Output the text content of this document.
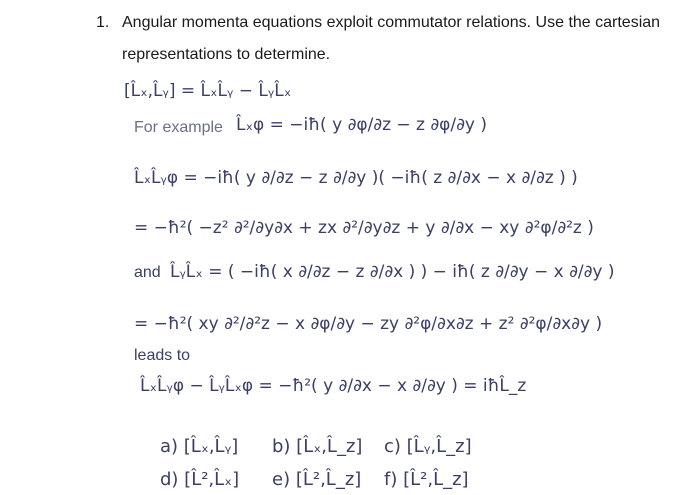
1. Angular momenta equations exploit commutator relations. Use the cartesian
representations to determine.
[L̂ₓ,L̂ᵧ] = L̂ₓL̂ᵧ − L̂ᵧL̂ₓ
For example L̂ₓφ = −iħ( y ∂φ/∂z − z ∂φ/∂y )
L̂ₓL̂ᵧφ = −iħ( y ∂/∂z − z ∂/∂y )( −iħ( z ∂/∂x − x ∂/∂z ) )
= −ħ²( −z² ∂²/∂y∂x + zx ∂²/∂y∂z + y ∂/∂x − xy ∂²φ/∂²z )
and L̂ᵧL̂ₓ = ( −iħ( x ∂/∂z − z ∂/∂x ) ) − iħ( z ∂/∂y − x ∂/∂y )
= −ħ²( xy ∂²/∂²z − x ∂φ/∂y − zy ∂²φ/∂x∂z + z² ∂²φ/∂x∂y )
leads to
L̂ₓL̂ᵧφ − L̂ᵧL̂ₓφ = −ħ²( y ∂/∂x − x ∂/∂y ) = iħL̂_z
a) [L̂ₓ,L̂ᵧ] b) [L̂ₓ,L̂_z] c) [L̂ᵧ,L̂_z]
d) [L̂²,L̂ₓ] e) [L̂²,L̂_z] f) [L̂²,L̂_z]
